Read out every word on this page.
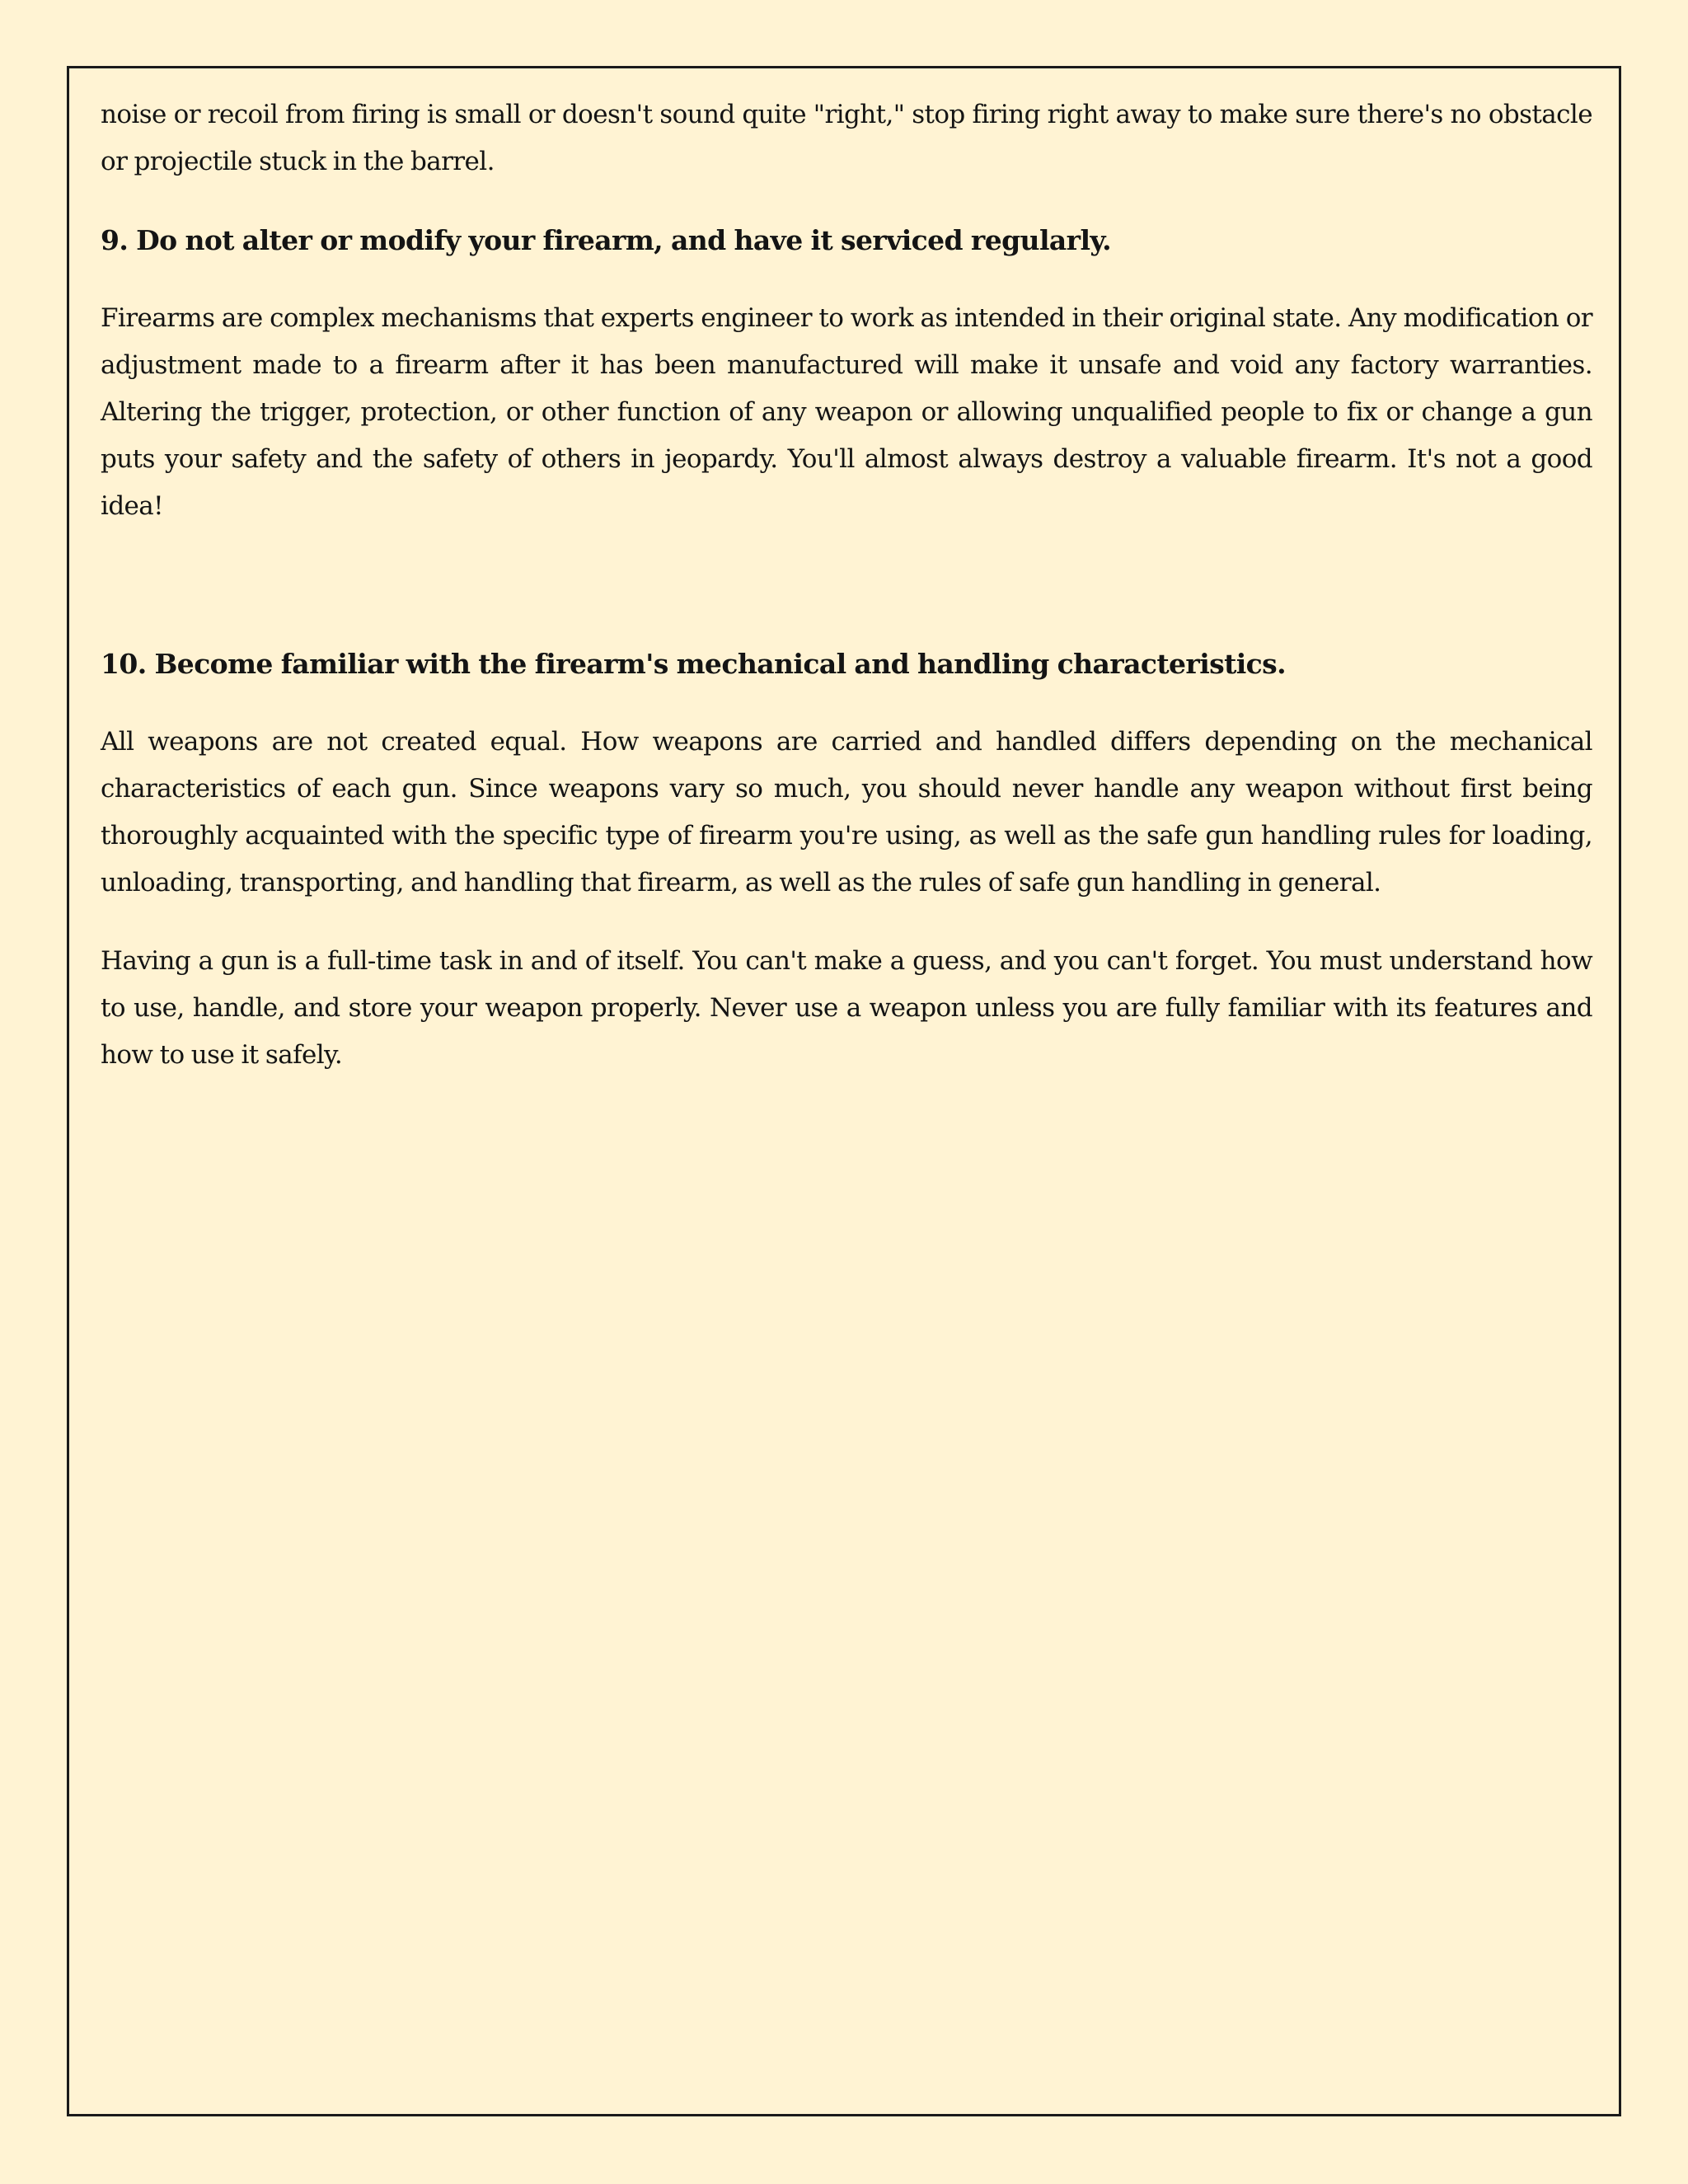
noise or recoil from firing is small or doesn't sound quite "right," stop firing right away to make sure there's no obstacle or projectile stuck in the barrel.

9. Do not alter or modify your firearm, and have it serviced regularly.

Firearms are complex mechanisms that experts engineer to work as intended in their original state. Any modification or adjustment made to a firearm after it has been manufactured will make it unsafe and void any factory warranties. Altering the trigger, protection, or other function of any weapon or allowing unqualified people to fix or change a gun puts your safety and the safety of others in jeopardy. You'll almost always destroy a valuable firearm. It's not a good idea!

10. Become familiar with the firearm's mechanical and handling characteristics.

All weapons are not created equal. How weapons are carried and handled differs depending on the mechanical characteristics of each gun. Since weapons vary so much, you should never handle any weapon without first being thoroughly acquainted with the specific type of firearm you're using, as well as the safe gun handling rules for loading, unloading, transporting, and handling that firearm, as well as the rules of safe gun handling in general.

Having a gun is a full-time task in and of itself. You can't make a guess, and you can't forget. You must understand how to use, handle, and store your weapon properly. Never use a weapon unless you are fully familiar with its features and how to use it safely.
